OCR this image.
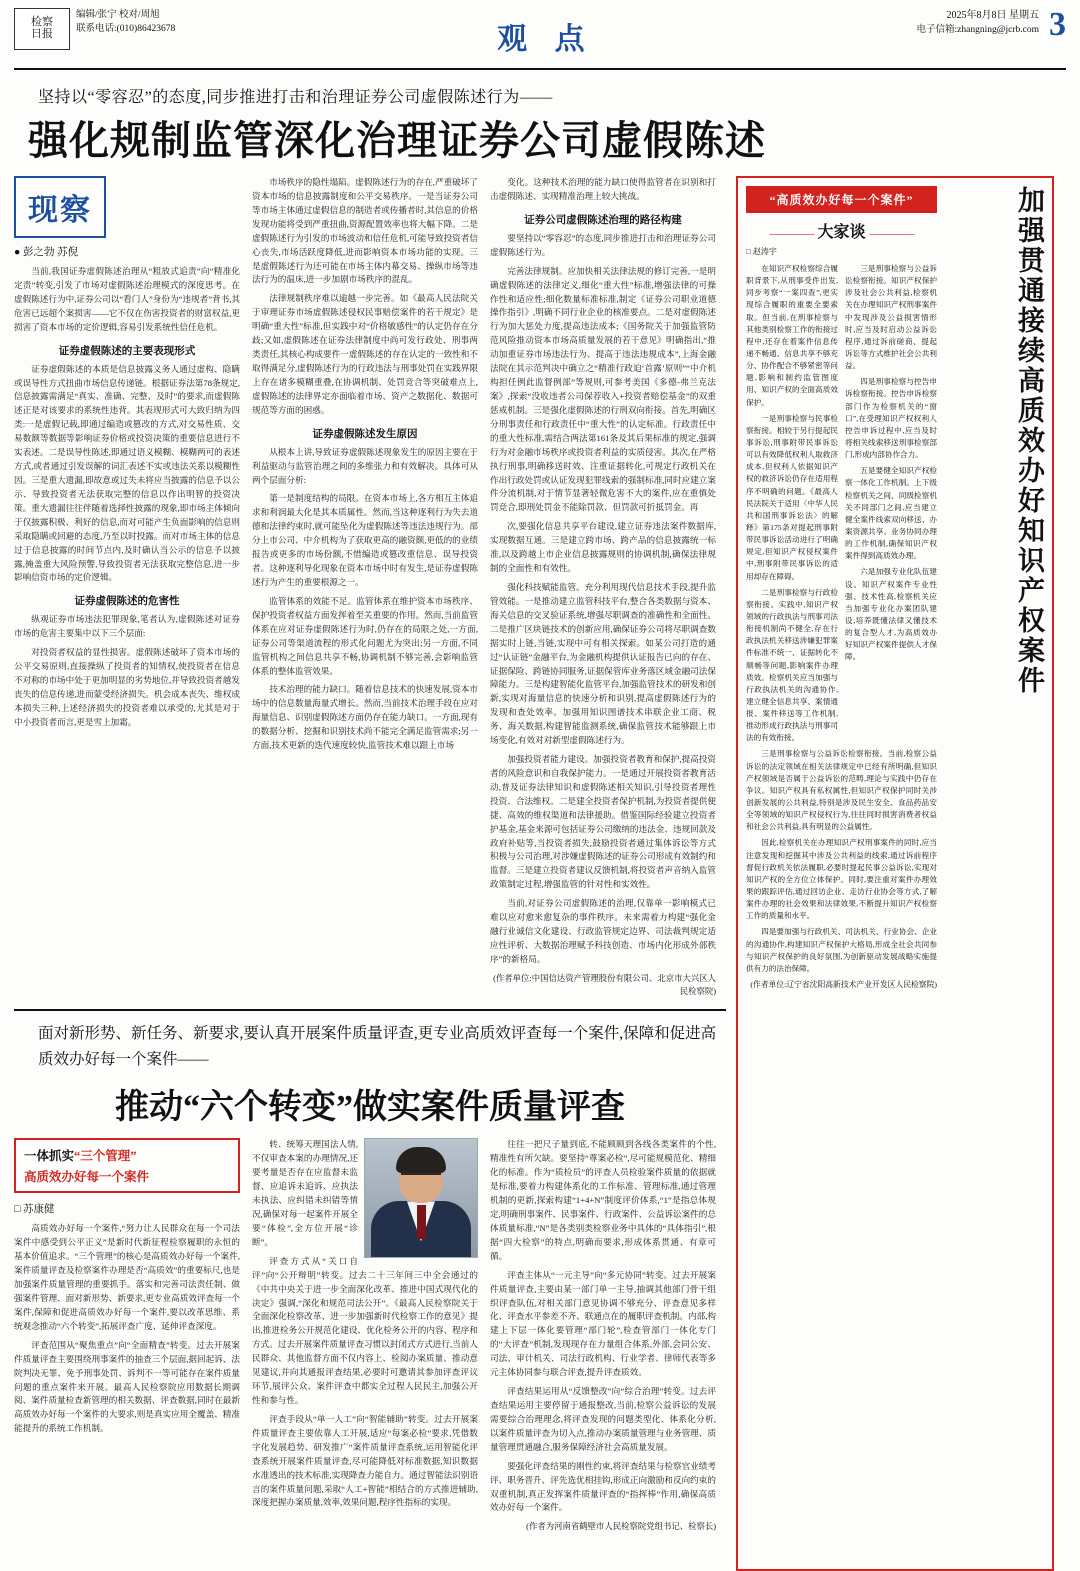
检察
日报
编辑/张宁 校对/周旭
联系电话:(010)86423678	观 点
2025年8月8日 星期五
电子信箱:zhangning@jcrb.com 3
坚持以“零容忍”的态度,同步推进打击和治理证券公司虚假陈述行为——
强化规制监管深化治理证券公司虚假陈述
现察
● 彭之勃 苏倪

当前,我国证券虚假陈述治理从“粗放式追责”向“精准化定责”转变,引发了市场对虚假陈述治理模式的深度思考。在虚假陈述行为中,证券公司以“看门人”身份为“违规者”背书,其危害已远超个案损害——它不仅在伤害投资者的财富权益,更损害了资本市场的定价逻辑,容易引发系统性信任危机。

证券虚假陈述的主要表现形式

证券虚假陈述的本质是信息披露义务人通过虚构、隐瞒或误导性方式扭曲市场信息传递链。根据证券法第78条规定,信息披露需满足“真实、准确、完整、及时”的要求,而虚假陈述正是对该要求的系统性违背。其表现形式可大致归纳为四类:一是虚假记载,即通过编造或篡改的方式,对交易性质、交易数额等数据等影响证券价格或投资决策的重要信息进行不实表述。二是误导性陈述,即通过语义模糊、模糊两可的表述方式,或者通过引发误解的词汇表述不实或违法关系以模糊性因。三是重大遗漏,即故意或过失未将应当披露的信息予以公示、导致投资者无法获取完整的信息以作出明智的投资决策。重大遗漏往往伴随着选择性披露的现象,即市场主体倾向于仅披露积极、利好的信息,而对可能产生负面影响的信息则采取隐瞒或回避的态度,乃至以时投露。而对市场主体的信息过于信息披露的时间节点内,及时确认当公示的信息予以披露,掩盖重大风险预警,导致投资者无法获取完整信息,进一步影响信资市场的定价逻辑。

证券虚假陈述的危害性

纵观证券市场违法犯罪现象,笔者认为,虚假陈述对证券市场的危害主要集中以下三个层面:

对投资者权益的显性损害。虚假陈述破坏了资本市场的公平交易原则,直接操纵了投资者的知情权,使投资者在信息不对称的市场中处于更加明显的劣势地位,并导致投资者越发丧失的信息传递,进而蒙受经济损失。机会成本丧失、维权成本损失三种,上述经济损失的投资者难以承受的,尤其是对于中小投资者而言,更是雪上加霜。

市场秩序的隐性塌陷。虚假陈述行为的存在,严重破坏了资本市场的信息披露制度和公平交易秩序。一是当证券公司等市场主体通过虚假信息的制造者或传播者时,其信息的价格发现功能将受到严重扭曲,资源配置效率也将大幅下降。二是虚假陈述行为引发的市场波动和信任危机,可能导致投资者信心丧失,市场活跃度降低,进而影响资本市场功能的实现。三是虚假陈述行为还可能在市场主体内幕交易、操纵市场等违法行为的温床,进一步加剧市场秩序的混乱。

法律规制秩序难以逾越一步完善。如《最高人民法院关于审理证券市场虚假陈述侵权民事赔偿案件的若干规定》是明确“重大性”标准,但实践中对“价格敏感性”的认定仍存在分歧;又如,虚假陈述在证券法律制度中尚可发行政处、刑事两类责任,其核心构成要件一虚假陈述的存在认定的一致性和不取得满足分,虚假陈述行为的行政违法与刑事处罚在实践界限上存在诸多模糊重叠,在协调机制、处罚竞合等突破难点上,虚假陈述的法律界定亦面临着市场、资产之数据化、数据可规范等方面的困惑。

证券虚假陈述发生原因

从根本上讲,导致证券虚假陈述现象发生的原因主要在于利益驱动与监管治理之间的多维张力和有效解决。具体可从两个层面分析:

第一是制度结构的局限。在资本市场上,各方相互主体追求和利润最大化是其本质属性。然而,当这种逐利行为失去道德和法律约束时,就可能坠化为虚假陈述等违法违规行为。部分上市公司、中介机构为了获取更高的融资额,更低的的业绩报告或更多的市场份额,不惜编造或篡改重信息、误导投资者。这种逐利导化现象在资本市场中时有发生,是证券虚假陈述行为产生的重要根源之一。

监管体系的效能不足。监管体系在维护资本市场秩序、保护投资者权益方面发挥着至关重要的作用。然而,当前监管体系在应对证券虚假陈述行为时,仍存在的局限之处,一方面,证券公司等渠道流程的形式化问题尤为突出;另一方面,不同监管机构之间信息共享不畅,协调机制不够完善,会影响监管体系的整体监管效果。

技术治理的能力缺口。随着信息技术的快速发展,资本市场中的信息数量海量式增长。然而,当前技术治理手段在应对海量信息、识别虚假陈述方面仍存在能力缺口。一方面,现有的数据分析、挖掘和识别技术尚不能完全满足监管需求;另一方面,技术更新的迭代速度较快,监管技术难以跟上市场

变化。这种技术治理的能力缺口使得监管者在识别和打击虚假陈述、实现精准治理上较大挑战。

证券公司虚假陈述治理的路径构建

要坚持以“零容忍”的态度,同步推进打击和治理证券公司虚假陈述行为。

完善法律规制。应加快相关法律法规的修订完善,一是明确虚假陈述的法律定义,细化“重大性”标准,增强法律的可操作性和适应性;细化数量标准标准,制定《证券公司职业道德操作指引》,明确不同行业企业的核准要点。二是对虚假陈述行为加大惩处力度,提高违法成本;《国务院关于加强监管防范风险推动资本市场高质量发展的若干意见》明确指出,“推动加重证券市场违法行为、提高于违法违规成本”,上海金融法院在其示范判决中确立之“精准行政迫‘首露’原则”“中介机构担任例此监督例部”等规则,可参考美国《多德-弗兰克法案》,探索“没收违者公司保荐收入+投资者赔偿基金”的双重惩戒机制。三是强化虚假陈述的行刑双向衔接。首先,明确区分刑事责任和行政责任中“重大性”的认定标准。行政责任中的重大性标准,需结合两法第161条及其后果标准的规定,强调行为对金融市场秩序或投资者利益的实质侵害。其次,在严格执行刑事,明确移送时效、注重证据转化,可规定行政机关在作出行政处罚或认证发现犯罪线索的强制标准,同时应建立案件分流机制,对于情节显著轻微危害不大的案件,应在重慎处罚竞合,即刑处罚金不能除罚款、但罚款可折抵罚金。再

次,要强化信息共享平台建设,建立证券违法案件数据库,实现数据互通。三是建立跨市场、跨产品的信息披露统一标准,以及跨越上市企业信息披露规则的协调机制,确保法律规制的全面性和有效性。

强化科技赋能监管。充分利用现代信息技术手段,提升监管效能。一是推动建立监管科技平台,整合各类数据与资本、海关信息的交叉验证系统,增强尽职调查的准确性和全面性。二是推广区块链技术的创新应用,确保证券公司将尽职调查数据实时上链,当链,实现中可有相关探索。如某公司打造的通过“认证链”金融平台,为金融机构提供认证报告已向的存在、证据保险、跨链协同服务,证据保管库业务落区域金融司法保障能力。三是构建智能化监管平台,加强监管技术的研发和创新,实现对海量信息的快速分析和识别,提高虚假陈述行为的发现和查处效率。加强用知识图谱技术串联企业工商、税务、海关数据,构建智能监测系统,确保监管技术能够跟上市场变化,有效对对新型虚假陈述行为。

加强投资者能力建设。加强投资者教育和保护,提高投资者的风险意识和自我保护能力。一是通过开展投资者教育活动,普及证券法律知识和虚假陈述相关知识,引导投资者理性投资、合法维权。二是建全投资者保护机制,为投资者提供便捷、高效的维权渠道和法律援助。借鉴国际经验建立投资者护基金,基金来源可包括证券公司缴纳的违法金、违规回款及政府补贴等,当投资者损失,鼓励投资者通过集体诉讼等方式积极与公司治理,对涉嫌虚假陈述的证券公司形成有效制约和监督。三是建立投资者建议反馈机制,将投资者声音纳入监管政策制定过程,增强监管的针对性和实效性。

当前,对证券公司虚假陈述的治理,仅靠单一影响模式已难以应对愈来愈复杂的事件秩序。未来需着力构建“强化金融行业诚信文化建设、行政监管规定边界、司法裁判规定适应性评析、大数据治理赋予科技创造、市场内化形成外部秩序”的新格局。

(作者单位:中国信达资产管理股份有限公司、北京市大兴区人民检察院)
面对新形势、新任务、新要求,要认真开展案件质量评查,更专业高质效评查每一个案件,保障和促进高质效办好每一个案件——
推动“六个转变”做实案件质量评查
一体抓实“三个管理”
高质效办好每一个案件
□ 苏康健

高质效办好每一个案件,“努力让人民群众在每一个司法案件中感受到公平正义”是新时代新征程检察履职的永恒的基本价值追求。“三个管理”的核心是高质效办好每一个案件,案件质量评查及检察案件办理是否“高质效”的重要标尺,也是加强案件质量管理的重要抓手。落实和完善司法责任制、做强案件管理、面对新形势、新要求,更专业高质效评查每一个案件,保障和促进高质效办好每一个案件,要以改革思维、系统观念推动“六个转变”,拓展评查广度、延伸评查深度。

评查范围从“聚焦重点”向“全面精查”转变。过去开展案件质量评查主要围绕刑事案件的抽查三个层面,据回起诉、法院判决无罪、免予刑事处罚、诉判不一等可能存在案件质量问题的重点案件来开展。最高人民检察院应用数据长期调阅、案件质量检查新管理的相关数据、评查数据,同时在最新高质效办好每一个案件的大要求,则是真实应用全覆盖、精准能提升的系统工作机制。

转、统筹天理国法人情,不仅审查本案的办理情况,还要考量是否存在应监督未监督、应追诉未追诉、应执法未执法、应纠错未纠错等情况,确保对每一起案件开展全要“体检”,全方位开展“诊断”。

评查方式从“关口自评”向“公开辩明”转变。过去二十三年间三中全会通过的《中共中央关于进一步全面深化改革、推进中国式现代化的决定》强调,“深化和规范司法公开”。《最高人民检察院关于全面深化检察改革、进一步加强新时代检察工作的意见》提出,推进检务公开规范化建设、优化检务公开的内容、程序和方式。过去开展案件质量评查习惯以封闭式方式进行,当前人民群众、其他监督方面不仅内容上、检阅办案质量、推动意见建议,并向其通报评查结果,必要时可邀请其参加评查评议环节,展评公众、案件评查中都实全过程人民民主,加强公开性和参与性。

评查手段从“单一人工”向“智能辅助”转变。过去开展案件质量评查主要依靠人工开展,适应“每案必检”要求,凭借数字化发展趋势、研发推广“案件质量评查系统,运用智能化评查系统开展案件质量评查,尽可能降低对标准数据,知识数据水准透出的技术标准,实现降查力能自力。通过智能法识别语言的案件质量问题,采取“人工+智能”相结合的方式推进辅助,深度把握办案质量,效率,效果问题,程序性指标的实现。

往往一把尺子量到底,不能顾顾到各线各类案件的个性,精准性有所欠缺。要坚持“尊案必检”,尽可能规模范化、精细化的标准。作为“质检员”的评查人员检验案件质量的依据就是标准,要着力构建体系化的工作标准、管理标准,通过管理机制的更新,探索构建“1+4+N”制度评价体系,“1”是指总体规定,明确刑事案件、民事案件、行政案件、公益诉讼案件的总体质量标准,“N”是各类别类检察业务中具体的“具体指引”,根据“四大检察”的特点,明确而要求,形成体系贯通、有章可循。

评查主体从“一元主导”向“多元协同”转变。过去开展案件质量评查,主要由某一部门单一主导,抽调其他部门骨干组织评查队伍,对相关部门意见协调不够充分、评查意见多样化、评查水平参差不齐、联通点在的履职评查机制。内部,构建上下层一体化要管理“部门轮”,检查管部门一体化专门的“大评查”机制,发现现存在力量组合体系,外部,会同公安、司法、审计机关、司法行政机构、行业学者、律师代表等多元主体协同参与联合评查,提升评查质效。

评查结果运用从“反馈整改”向“综合治理”转变。过去评查结果运用主要停留于通报整改,当前,检察公益诉讼的发展需要综合治理理念,将评查发现的问题类型化、体系化分析,以案件质量评查为切入点,推动办案质量管理与业务管理、质量管理贯通融合,服务保障经济社会高质量发展。

要强化评查结果的刚性约束,将评查结果与检察官业绩考评、职务晋升、评先选优相挂钩,形成正向激励和反向约束的双重机制,真正发挥案件质量评查的“指挥棒”作用,确保高质效办好每一个案件。

(作者为河南省鹤壁市人民检察院党组书记、检察长)
“高质效办好每一个案件”
———— 大家谈 ————
□ 赵涛宇

在知识产权检察综合履职背景下,从刑事受件出发,同步考察“一案四查”,更实现综合履职的重要全要索取。但当前,在刑事检察与其他类别检察工作的衔接过程中,还存在着案件信息传递不畅通、信息共享不够充分、协作配合不够紧密等问题,影响和制约监管图度用、知识产权的全面高质效保护。

一是刑事检察与民事检察衔接。相较于另行提起民事诉讼,刑事附带民事诉讼可以有效降低权利人取救济成本,但权利人依据知识产权的救济诉讼仍存在适用程序不明确的问题。《最高人民法院关于适用〈中华人民共和国刑事诉讼法〉的解释》第175条对提起刑事附带民事诉讼活动进行了明确规定,但知识产权侵权案件中,刑事附带民事诉讼的适用却存在障碍。

二是刑事检察与行政检察衔接。实践中,知识产权领域的行政执法与刑事司法衔接机制尚不健全,存在行政执法机关移送涉嫌犯罪案件标准不统一、证据转化不顺畅等问题,影响案件办理质效。检察机关应当加强与行政执法机关的沟通协作,建立健全信息共享、案情通报、案件移送等工作机制,推动形成行政执法与刑事司法的有效衔接。

三是刑事检察与公益诉讼检察衔接。知识产权保护涉及社会公共利益,检察机关在办理知识产权刑事案件中发现涉及公益损害情形时,应当及时启动公益诉讼程序,通过诉前磋商、提起诉讼等方式维护社会公共利益。

四是刑事检察与控告申诉检察衔接。控告申诉检察部门作为检察机关的“窗口”,在受理知识产权权利人控告申诉过程中,应当及时将相关线索移送刑事检察部门,形成内部协作合力。

五是要健全知识产权检察一体化工作机制。上下级检察机关之间、同级检察机关不同部门之间,应当建立健全案件线索双向移送、办案资源共享、业务协同办理的工作机制,确保知识产权案件得到高质效办理。

六是加强专业化队伍建设。知识产权案件专业性强、技术性高,检察机关应当加强专业化办案团队建设,培养既懂法律又懂技术的复合型人才,为高质效办好知识产权案件提供人才保障。

三是刑事检察与公益诉讼检察衔接。当前,检察公益诉讼的法定领域在相关法律规定中已经有所明确,但知识产权领域是否属于公益诉讼的范畴,理论与实践中仍存在争议。知识产权具有私权属性,但知识产权保护同时关涉创新发展的公共利益,特别是涉及民生安全、食品药品安全等领域的知识产权侵权行为,往往同时损害消费者权益和社会公共利益,具有明显的公益属性。

因此,检察机关在办理知识产权刑事案件的同时,应当注意发现和挖掘其中涉及公共利益的线索,通过诉前程序督促行政机关依法履职,必要时提起民事公益诉讼,实现对知识产权的全方位立体保护。同时,要注重对案件办理效果的跟踪评估,通过回访企业、走访行业协会等方式,了解案件办理的社会效果和法律效果,不断提升知识产权检察工作的质量和水平。

四是要加强与行政机关、司法机关、行业协会、企业的沟通协作,构建知识产权保护大格局,形成全社会共同参与知识产权保护的良好氛围,为创新驱动发展战略实施提供有力的法治保障。

(作者单位:辽宁省沈阳高新技术产业开发区人民检察院)
加强贯通接续高质效办好知识产权案件
